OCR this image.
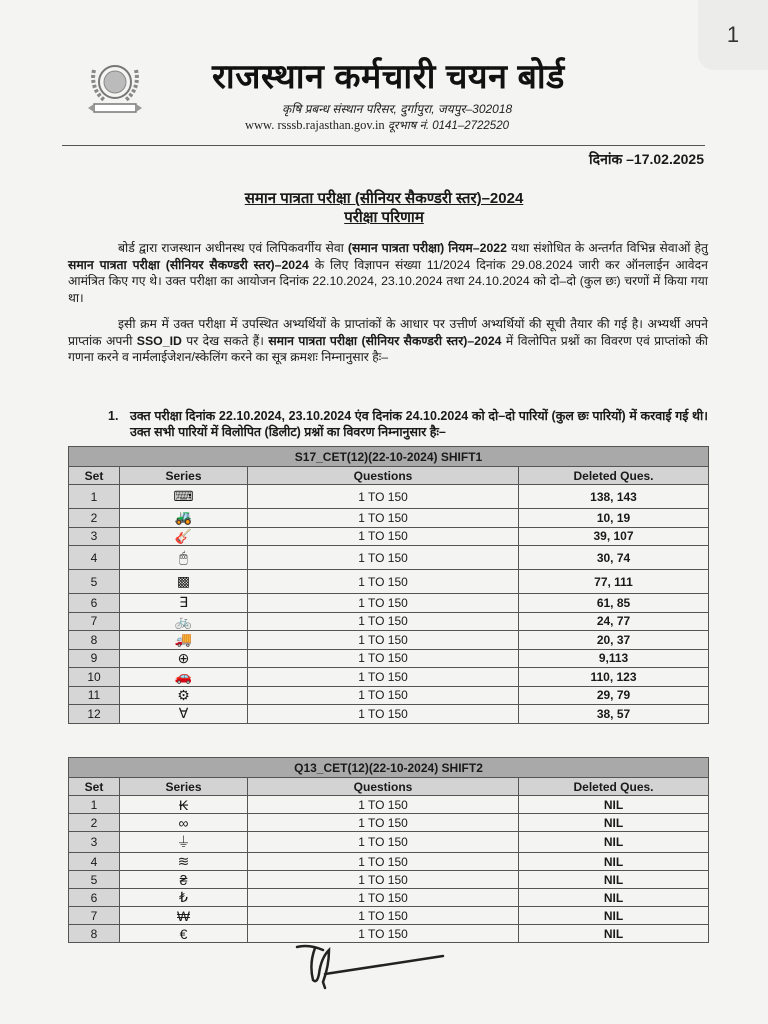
1
राजस्थान कर्मचारी चयन बोर्ड
कृषि प्रबन्ध संस्थान परिसर, दुर्गापुरा, जयपुर–302018
www. rsssb.rajasthan.gov.in दूरभाष नं. 0141–2722520
दिनांक –17.02.2025
समान पात्रता परीक्षा (सीनियर सैकण्डरी स्तर)–2024
परीक्षा परिणाम
बोर्ड द्वारा राजस्थान अधीनस्थ एवं लिपिकवर्गीय सेवा (समान पात्रता परीक्षा) नियम–2022 यथा संशोधित के अन्तर्गत विभिन्न सेवाओं हेतु समान पात्रता परीक्षा (सीनियर सैकण्डरी स्तर)–2024 के लिए विज्ञापन संख्या 11/2024 दिनांक 29.08.2024 जारी कर ऑनलाईन आवेदन आमंत्रित किए गए थे। उक्त परीक्षा का आयोजन दिनांक 22.10.2024, 23.10.2024 तथा 24.10.2024 को दो–दो (कुल छः) चरणों में किया गया था।
इसी क्रम में उक्त परीक्षा में उपस्थित अभ्यर्थियों के प्राप्तांकों के आधार पर उत्तीर्ण अभ्यर्थियों की सूची तैयार की गई है। अभ्यर्थी अपने प्राप्तांक अपनी SSO_ID पर देख सकते हैं। समान पात्रता परीक्षा (सीनियर सैकण्डरी स्तर)–2024 में विलोपित प्रश्नों का विवरण एवं प्राप्तांको की गणना करने व नार्मलाईजेशन/स्केलिंग करने का सूत्र क्रमशः निम्नानुसार हैः–
1. उक्त परीक्षा दिनांक 22.10.2024, 23.10.2024 एंव दिनांक 24.10.2024 को दो–दो पारियों (कुल छः पारियों) में करवाई गई थी। उक्त सभी पारियों में विलोपित (डिलीट) प्रश्नों का विवरण निम्नानुसार हैः–
S17_CET(12)(22-10-2024) SHIFT1			
Set	Series	Questions	Deleted Ques.
1	⌨	1 TO 150	138, 143
2	🚜	1 TO 150	10, 19
3	🎸	1 TO 150	39, 107
4	🖱	1 TO 150	30, 74
5	▩	1 TO 150	77, 111
6	∃	1 TO 150	61, 85
7	🚲	1 TO 150	24, 77
8	🚚	1 TO 150	20, 37
9	⊕	1 TO 150	9,113
10	🚗	1 TO 150	110, 123
11	⚙	1 TO 150	29, 79
12	∀	1 TO 150	38, 57
Q13_CET(12)(22-10-2024) SHIFT2			
Set	Series	Questions	Deleted Ques.
1	₭	1 TO 150	NIL
2	∞	1 TO 150	NIL
3	⏚	1 TO 150	NIL
4	≋	1 TO 150	NIL
5	₴	1 TO 150	NIL
6	₺	1 TO 150	NIL
7	₩	1 TO 150	NIL
8	€	1 TO 150	NIL
